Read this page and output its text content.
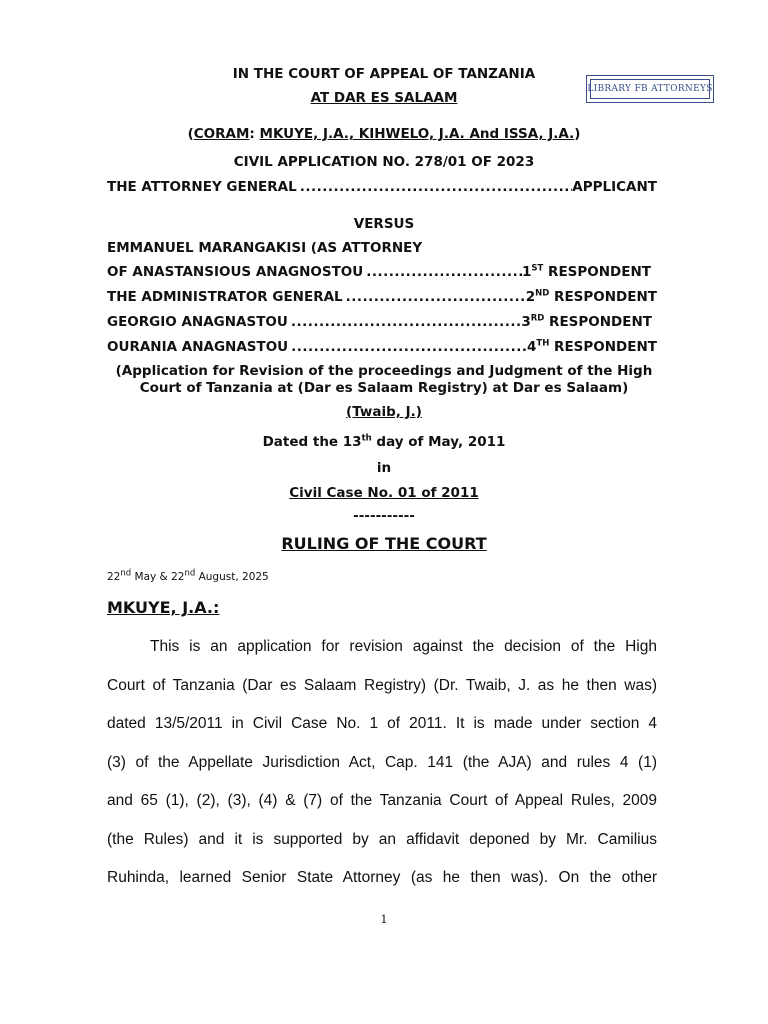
IN THE COURT OF APPEAL OF TANZANIA
AT DAR ES SALAAM
LIBRARY FB ATTORNEYS
(CORAM: MKUYE, J.A., KIHWELO, J.A. And ISSA, J.A.)
CIVIL APPLICATION NO. 278/01 OF 2023
THE ATTORNEY GENERAL .....	APPLICANT
VERSUS
EMMANUEL MARANGAKISI (AS ATTORNEY
OF ANASTANSIOUS ANAGNOSTOU .....	1ST RESPONDENT
THE ADMINISTRATOR GENERAL .....	2ND RESPONDENT
GEORGIO ANAGNASTOU .....	3RD RESPONDENT
OURANIA ANAGNASTOU .....	4TH RESPONDENT
(Application for Revision of the proceedings and Judgment of the High
Court of Tanzania at (Dar es Salaam Registry) at Dar es Salaam)
(Twaib, J.)
Dated the 13th day of May, 2011
in
Civil Case No. 01 of 2011
-----------
RULING OF THE COURT
22nd May & 22nd August, 2025
MKUYE, J.A.:
This is an application for revision against the decision of the High
Court of Tanzania (Dar es Salaam Registry) (Dr. Twaib, J. as he then was)
dated 13/5/2011 in Civil Case No. 1 of 2011. It is made under section 4
(3) of the Appellate Jurisdiction Act, Cap. 141 (the AJA) and rules 4 (1)
and 65 (1), (2), (3), (4) & (7) of the Tanzania Court of Appeal Rules, 2009
(the Rules) and it is supported by an affidavit deponed by Mr. Camilius
Ruhinda, learned Senior State Attorney (as he then was). On the other
1
